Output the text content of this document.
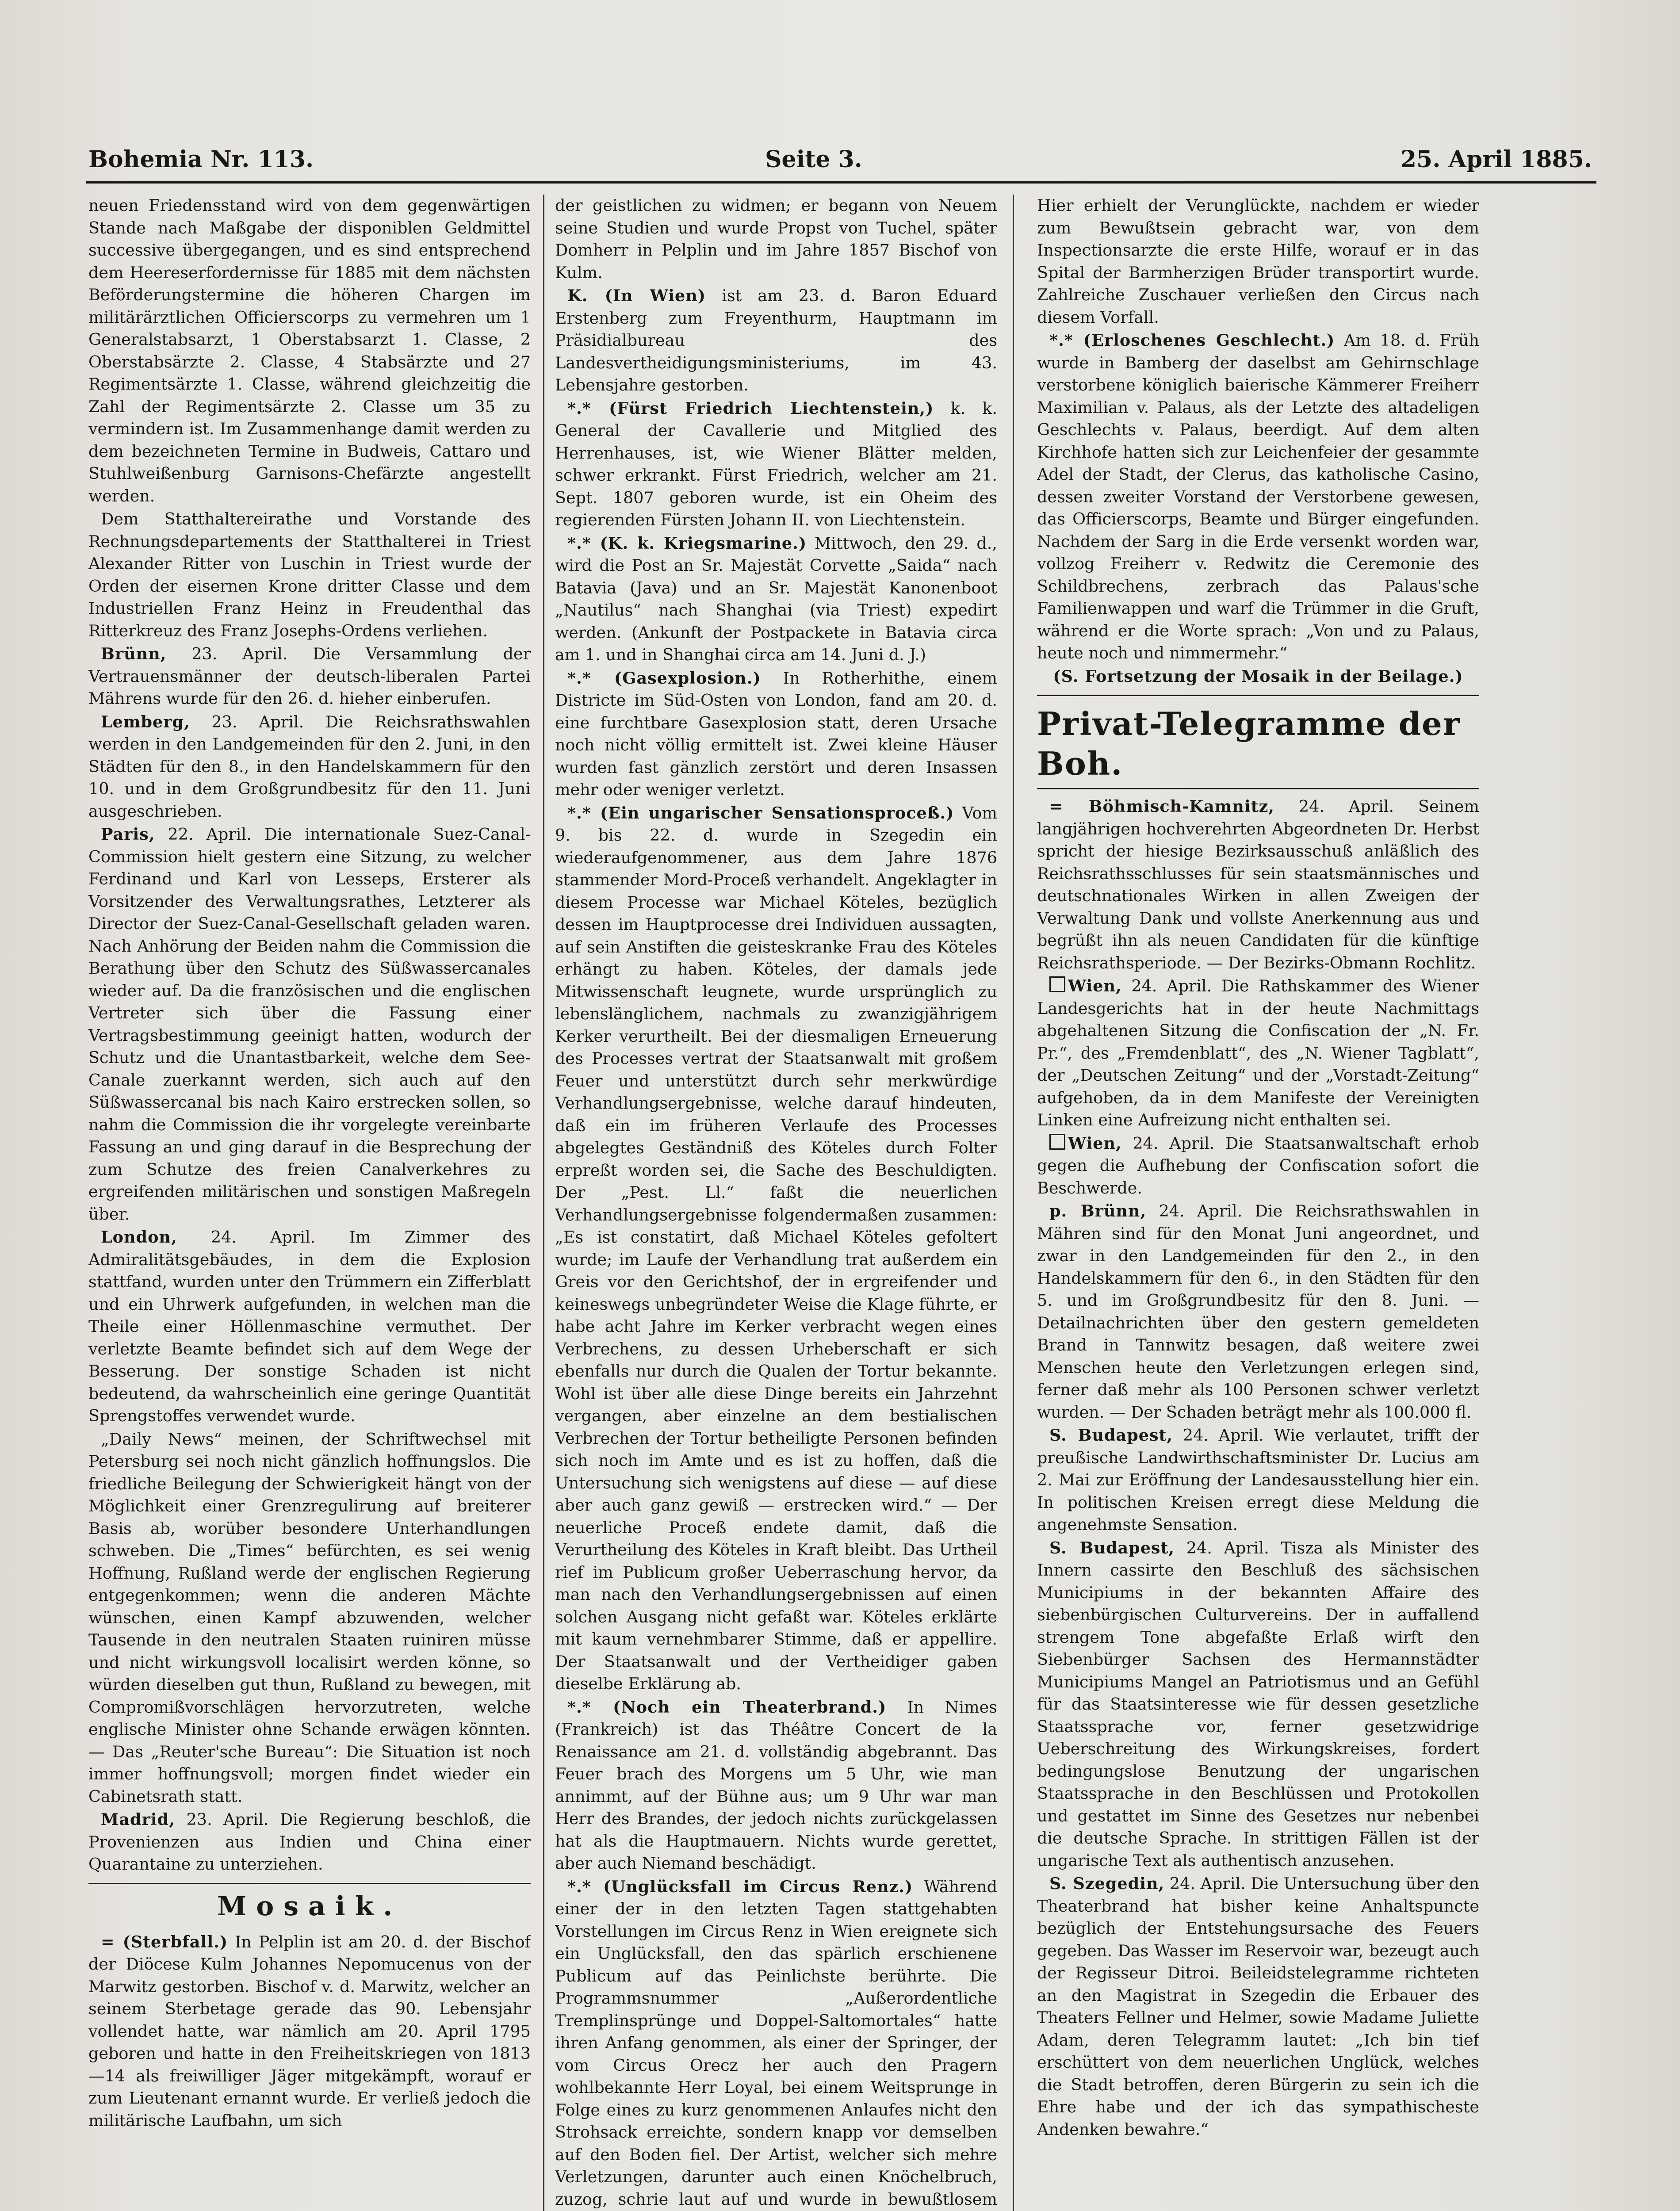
Bohemia Nr. 113.	Seite 3.	25. April 1885.

neuen Friedensstand wird von dem gegenwärtigen Stande nach Maßgabe der disponiblen Geldmittel successive übergegangen, und es sind entsprechend dem Heereserfordernisse für 1885 mit dem nächsten Beförderungstermine die höheren Chargen im militärärztlichen Officierscorps zu vermehren um 1 Generalstabsarzt, 1 Oberstabsarzt 1. Classe, 2 Oberstabsärzte 2. Classe, 4 Stabsärzte und 27 Regimentsärzte 1. Classe, während gleichzeitig die Zahl der Regimentsärzte 2. Classe um 35 zu vermindern ist. Im Zusammenhange damit werden zu dem bezeichneten Termine in Budweis, Cattaro und Stuhlweißenburg Garnisons-Chefärzte angestellt werden.

Dem Statthaltereirathe und Vorstande des Rechnungsdepartements der Statthalterei in Triest Alexander Ritter von Luschin in Triest wurde der Orden der eisernen Krone dritter Classe und dem Industriellen Franz Heinz in Freudenthal das Ritterkreuz des Franz Josephs-Ordens verliehen.

Brünn, 23. April. Die Versammlung der Vertrauensmänner der deutsch-liberalen Partei Mährens wurde für den 26. d. hieher einberufen.

Lemberg, 23. April. Die Reichsrathswahlen werden in den Landgemeinden für den 2. Juni, in den Städten für den 8., in den Handelskammern für den 10. und in dem Großgrundbesitz für den 11. Juni ausgeschrieben.

Paris, 22. April. Die internationale Suez-Canal-Commission hielt gestern eine Sitzung, zu welcher Ferdinand und Karl von Lesseps, Ersterer als Vorsitzender des Verwaltungsrathes, Letzterer als Director der Suez-Canal-Gesellschaft geladen waren. Nach Anhörung der Beiden nahm die Commission die Berathung über den Schutz des Süßwassercanales wieder auf. Da die französischen und die englischen Vertreter sich über die Fassung einer Vertragsbestimmung geeinigt hatten, wodurch der Schutz und die Unantastbarkeit, welche dem See-Canale zuerkannt werden, sich auch auf den Süßwassercanal bis nach Kairo erstrecken sollen, so nahm die Commission die ihr vorgelegte vereinbarte Fassung an und ging darauf in die Besprechung der zum Schutze des freien Canalverkehres zu ergreifenden militärischen und sonstigen Maßregeln über.

London, 24. April. Im Zimmer des Admiralitätsgebäudes, in dem die Explosion stattfand, wurden unter den Trümmern ein Zifferblatt und ein Uhrwerk aufgefunden, in welchen man die Theile einer Höllenmaschine vermuthet. Der verletzte Beamte befindet sich auf dem Wege der Besserung. Der sonstige Schaden ist nicht bedeutend, da wahrscheinlich eine geringe Quantität Sprengstoffes verwendet wurde.

„Daily News“ meinen, der Schriftwechsel mit Petersburg sei noch nicht gänzlich hoffnungslos. Die friedliche Beilegung der Schwierigkeit hängt von der Möglichkeit einer Grenzregulirung auf breiterer Basis ab, worüber besondere Unterhandlungen schweben. Die „Times“ befürchten, es sei wenig Hoffnung, Rußland werde der englischen Regierung entgegenkommen; wenn die anderen Mächte wünschen, einen Kampf abzuwenden, welcher Tausende in den neutralen Staaten ruiniren müsse und nicht wirkungsvoll localisirt werden könne, so würden dieselben gut thun, Rußland zu bewegen, mit Compromißvorschlägen hervorzutreten, welche englische Minister ohne Schande erwägen könnten. — Das „Reuter'sche Bureau“: Die Situation ist noch immer hoffnungsvoll; morgen findet wieder ein Cabinetsrath statt.

Madrid, 23. April. Die Regierung beschloß, die Provenienzen aus Indien und China einer Quarantaine zu unterziehen.

Mosaik.

= (Sterbfall.) In Pelplin ist am 20. d. der Bischof der Diöcese Kulm Johannes Nepomucenus von der Marwitz gestorben. Bischof v. d. Marwitz, welcher an seinem Sterbetage gerade das 90. Lebensjahr vollendet hatte, war nämlich am 20. April 1795 geboren und hatte in den Freiheitskriegen von 1813—14 als freiwilliger Jäger mitgekämpft, worauf er zum Lieutenant ernannt wurde. Er verließ jedoch die militärische Laufbahn, um sich

der geistlichen zu widmen; er begann von Neuem seine Studien und wurde Propst von Tuchel, später Domherr in Pelplin und im Jahre 1857 Bischof von Kulm.

K. (In Wien) ist am 23. d. Baron Eduard Erstenberg zum Freyenthurm, Hauptmann im Präsidialbureau des Landesvertheidigungsministeriums, im 43. Lebensjahre gestorben.

*.* (Fürst Friedrich Liechtenstein,) k. k. General der Cavallerie und Mitglied des Herrenhauses, ist, wie Wiener Blätter melden, schwer erkrankt. Fürst Friedrich, welcher am 21. Sept. 1807 geboren wurde, ist ein Oheim des regierenden Fürsten Johann II. von Liechtenstein.

*.* (K. k. Kriegsmarine.) Mittwoch, den 29. d., wird die Post an Sr. Majestät Corvette „Saida“ nach Batavia (Java) und an Sr. Majestät Kanonenboot „Nautilus“ nach Shanghai (via Triest) expedirt werden. (Ankunft der Postpackete in Batavia circa am 1. und in Shanghai circa am 14. Juni d. J.)

*.* (Gasexplosion.) In Rotherhithe, einem Districte im Süd-Osten von London, fand am 20. d. eine furchtbare Gasexplosion statt, deren Ursache noch nicht völlig ermittelt ist. Zwei kleine Häuser wurden fast gänzlich zerstört und deren Insassen mehr oder weniger verletzt.

*.* (Ein ungarischer Sensationsproceß.) Vom 9. bis 22. d. wurde in Szegedin ein wiederaufgenommener, aus dem Jahre 1876 stammender Mord-Proceß verhandelt. Angeklagter in diesem Processe war Michael Köteles, bezüglich dessen im Hauptprocesse drei Individuen aussagten, auf sein Anstiften die geisteskranke Frau des Köteles erhängt zu haben. Köteles, der damals jede Mitwissenschaft leugnete, wurde ursprünglich zu lebenslänglichem, nachmals zu zwanzigjährigem Kerker verurtheilt. Bei der diesmaligen Erneuerung des Processes vertrat der Staatsanwalt mit großem Feuer und unterstützt durch sehr merkwürdige Verhandlungsergebnisse, welche darauf hindeuten, daß ein im früheren Verlaufe des Processes abgelegtes Geständniß des Köteles durch Folter erpreßt worden sei, die Sache des Beschuldigten. Der „Pest. Ll.“ faßt die neuerlichen Verhandlungsergebnisse folgendermaßen zusammen: „Es ist constatirt, daß Michael Köteles gefoltert wurde; im Laufe der Verhandlung trat außerdem ein Greis vor den Gerichtshof, der in ergreifender und keineswegs unbegründeter Weise die Klage führte, er habe acht Jahre im Kerker verbracht wegen eines Verbrechens, zu dessen Urheberschaft er sich ebenfalls nur durch die Qualen der Tortur bekannte. Wohl ist über alle diese Dinge bereits ein Jahrzehnt vergangen, aber einzelne an dem bestialischen Verbrechen der Tortur betheiligte Personen befinden sich noch im Amte und es ist zu hoffen, daß die Untersuchung sich wenigstens auf diese — auf diese aber auch ganz gewiß — erstrecken wird.“ — Der neuerliche Proceß endete damit, daß die Verurtheilung des Köteles in Kraft bleibt. Das Urtheil rief im Publicum großer Ueberraschung hervor, da man nach den Verhandlungsergebnissen auf einen solchen Ausgang nicht gefaßt war. Köteles erklärte mit kaum vernehmbarer Stimme, daß er appellire. Der Staatsanwalt und der Vertheidiger gaben dieselbe Erklärung ab.

*.* (Noch ein Theaterbrand.) In Nimes (Frankreich) ist das Théâtre Concert de la Renaissance am 21. d. vollständig abgebrannt. Das Feuer brach des Morgens um 5 Uhr, wie man annimmt, auf der Bühne aus; um 9 Uhr war man Herr des Brandes, der jedoch nichts zurückgelassen hat als die Hauptmauern. Nichts wurde gerettet, aber auch Niemand beschädigt.

*.* (Unglücksfall im Circus Renz.) Während einer der in den letzten Tagen stattgehabten Vorstellungen im Circus Renz in Wien ereignete sich ein Unglücksfall, den das spärlich erschienene Publicum auf das Peinlichste berührte. Die Programmsnummer „Außerordentliche Tremplinsprünge und Doppel-Saltomortales“ hatte ihren Anfang genommen, als einer der Springer, der vom Circus Orecz her auch den Pragern wohlbekannte Herr Loyal, bei einem Weitsprunge in Folge eines zu kurz genommenen Anlaufes nicht den Strohsack erreichte, sondern knapp vor demselben auf den Boden fiel. Der Artist, welcher sich mehre Verletzungen, darunter auch einen Knöchelbruch, zuzog, schrie laut auf und wurde in bewußtlosem

Hier erhielt der Verunglückte, nachdem er wieder zum Bewußtsein gebracht war, von dem Inspectionsarzte die erste Hilfe, worauf er in das Spital der Barmherzigen Brüder transportirt wurde. Zahlreiche Zuschauer verließen den Circus nach diesem Vorfall.

*.* (Erloschenes Geschlecht.) Am 18. d. Früh wurde in Bamberg der daselbst am Gehirnschlage verstorbene königlich baierische Kämmerer Freiherr Maximilian v. Palaus, als der Letzte des altadeligen Geschlechts v. Palaus, beerdigt. Auf dem alten Kirchhofe hatten sich zur Leichenfeier der gesammte Adel der Stadt, der Clerus, das katholische Casino, dessen zweiter Vorstand der Verstorbene gewesen, das Officierscorps, Beamte und Bürger eingefunden. Nachdem der Sarg in die Erde versenkt worden war, vollzog Freiherr v. Redwitz die Ceremonie des Schildbrechens, zerbrach das Palaus'sche Familienwappen und warf die Trümmer in die Gruft, während er die Worte sprach: „Von und zu Palaus, heute noch und nimmermehr.“

(S. Fortsetzung der Mosaik in der Beilage.)

Privat-Telegramme der Boh.

= Böhmisch-Kamnitz, 24. April. Seinem langjährigen hochverehrten Abgeordneten Dr. Herbst spricht der hiesige Bezirksausschuß anläßlich des Reichsrathsschlusses für sein staatsmännisches und deutschnationales Wirken in allen Zweigen der Verwaltung Dank und vollste Anerkennung aus und begrüßt ihn als neuen Candidaten für die künftige Reichsrathsperiode. — Der Bezirks-Obmann Rochlitz.

Wien, 24. April. Die Rathskammer des Wiener Landesgerichts hat in der heute Nachmittags abgehaltenen Sitzung die Confiscation der „N. Fr. Pr.“, des „Fremdenblatt“, des „N. Wiener Tagblatt“, der „Deutschen Zeitung“ und der „Vorstadt-Zeitung“ aufgehoben, da in dem Manifeste der Vereinigten Linken eine Aufreizung nicht enthalten sei.

Wien, 24. April. Die Staatsanwaltschaft erhob gegen die Aufhebung der Confiscation sofort die Beschwerde.

p. Brünn, 24. April. Die Reichsrathswahlen in Mähren sind für den Monat Juni angeordnet, und zwar in den Landgemeinden für den 2., in den Handelskammern für den 6., in den Städten für den 5. und im Großgrundbesitz für den 8. Juni. — Detailnachrichten über den gestern gemeldeten Brand in Tannwitz besagen, daß weitere zwei Menschen heute den Verletzungen erlegen sind, ferner daß mehr als 100 Personen schwer verletzt wurden. — Der Schaden beträgt mehr als 100.000 fl.

S. Budapest, 24. April. Wie verlautet, trifft der preußische Landwirthschaftsminister Dr. Lucius am 2. Mai zur Eröffnung der Landesausstellung hier ein. In politischen Kreisen erregt diese Meldung die angenehmste Sensation.

S. Budapest, 24. April. Tisza als Minister des Innern cassirte den Beschluß des sächsischen Municipiums in der bekannten Affaire des siebenbürgischen Culturvereins. Der in auffallend strengem Tone abgefaßte Erlaß wirft den Siebenbürger Sachsen des Hermannstädter Municipiums Mangel an Patriotismus und an Gefühl für das Staatsinteresse wie für dessen gesetzliche Staatssprache vor, ferner gesetzwidrige Ueberschreitung des Wirkungskreises, fordert bedingungslose Benutzung der ungarischen Staatssprache in den Beschlüssen und Protokollen und gestattet im Sinne des Gesetzes nur nebenbei die deutsche Sprache. In strittigen Fällen ist der ungarische Text als authentisch anzusehen.

S. Szegedin, 24. April. Die Untersuchung über den Theaterbrand hat bisher keine Anhaltspuncte bezüglich der Entstehungsursache des Feuers gegeben. Das Wasser im Reservoir war, bezeugt auch der Regisseur Ditroi. Beileidstelegramme richteten an den Magistrat in Szegedin die Erbauer des Theaters Fellner und Helmer, sowie Madame Juliette Adam, deren Telegramm lautet: „Ich bin tief erschüttert von dem neuerlichen Unglück, welches die Stadt betroffen, deren Bürgerin zu sein ich die Ehre habe und der ich das sympathischeste Andenken bewahre.“
